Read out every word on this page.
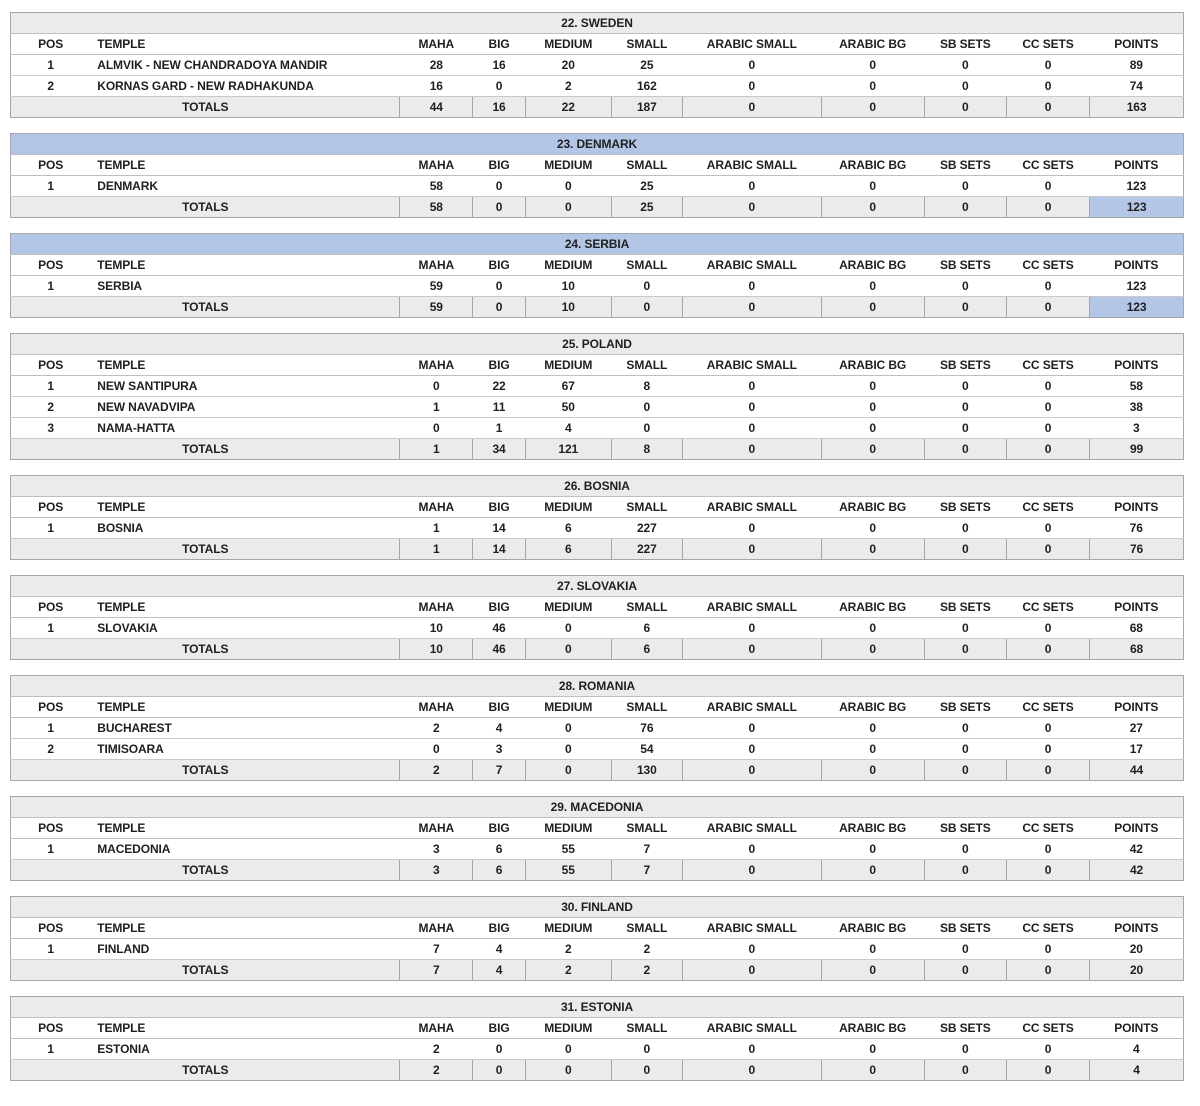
22. SWEDEN										
POS	TEMPLE	MAHA	BIG	MEDIUM	SMALL	ARABIC SMALL	ARABIC BG	SB SETS	CC SETS	POINTS
1	ALMVIK - NEW CHANDRADOYA MANDIR	28	16	20	25	0	0	0	0	89
2	KORNAS GARD - NEW RADHAKUNDA	16	0	2	162	0	0	0	0	74
TOTALS		44	16	22	187	0	0	0	0	163
23. DENMARK										
POS	TEMPLE	MAHA	BIG	MEDIUM	SMALL	ARABIC SMALL	ARABIC BG	SB SETS	CC SETS	POINTS
1	DENMARK	58	0	0	25	0	0	0	0	123
TOTALS		58	0	0	25	0	0	0	0	123
24. SERBIA										
POS	TEMPLE	MAHA	BIG	MEDIUM	SMALL	ARABIC SMALL	ARABIC BG	SB SETS	CC SETS	POINTS
1	SERBIA	59	0	10	0	0	0	0	0	123
TOTALS		59	0	10	0	0	0	0	0	123
25. POLAND										
POS	TEMPLE	MAHA	BIG	MEDIUM	SMALL	ARABIC SMALL	ARABIC BG	SB SETS	CC SETS	POINTS
1	NEW SANTIPURA	0	22	67	8	0	0	0	0	58
2	NEW NAVADVIPA	1	11	50	0	0	0	0	0	38
3	NAMA-HATTA	0	1	4	0	0	0	0	0	3
TOTALS		1	34	121	8	0	0	0	0	99
26. BOSNIA										
POS	TEMPLE	MAHA	BIG	MEDIUM	SMALL	ARABIC SMALL	ARABIC BG	SB SETS	CC SETS	POINTS
1	BOSNIA	1	14	6	227	0	0	0	0	76
TOTALS		1	14	6	227	0	0	0	0	76
27. SLOVAKIA										
POS	TEMPLE	MAHA	BIG	MEDIUM	SMALL	ARABIC SMALL	ARABIC BG	SB SETS	CC SETS	POINTS
1	SLOVAKIA	10	46	0	6	0	0	0	0	68
TOTALS		10	46	0	6	0	0	0	0	68
28. ROMANIA										
POS	TEMPLE	MAHA	BIG	MEDIUM	SMALL	ARABIC SMALL	ARABIC BG	SB SETS	CC SETS	POINTS
1	BUCHAREST	2	4	0	76	0	0	0	0	27
2	TIMISOARA	0	3	0	54	0	0	0	0	17
TOTALS		2	7	0	130	0	0	0	0	44
29. MACEDONIA										
POS	TEMPLE	MAHA	BIG	MEDIUM	SMALL	ARABIC SMALL	ARABIC BG	SB SETS	CC SETS	POINTS
1	MACEDONIA	3	6	55	7	0	0	0	0	42
TOTALS		3	6	55	7	0	0	0	0	42
30. FINLAND										
POS	TEMPLE	MAHA	BIG	MEDIUM	SMALL	ARABIC SMALL	ARABIC BG	SB SETS	CC SETS	POINTS
1	FINLAND	7	4	2	2	0	0	0	0	20
TOTALS		7	4	2	2	0	0	0	0	20
31. ESTONIA										
POS	TEMPLE	MAHA	BIG	MEDIUM	SMALL	ARABIC SMALL	ARABIC BG	SB SETS	CC SETS	POINTS
1	ESTONIA	2	0	0	0	0	0	0	0	4
TOTALS		2	0	0	0	0	0	0	0	4
